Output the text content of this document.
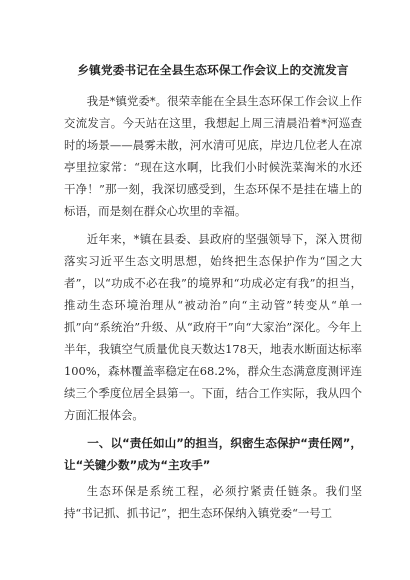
乡镇党委书记在全县生态环保工作会议上的交流发言

我是*镇党委*。很荣幸能在全县生态环保工作会议上作交流发言。今天站在这里，我想起上周三清晨沿着*河巡查时的场景——晨雾未散，河水清可见底，岸边几位老人在凉亭里拉家常：“现在这水啊，比我们小时候洗菜淘米的水还干净！”那一刻，我深切感受到，生态环保不是挂在墙上的标语，而是刻在群众心坎里的幸福。

近年来，*镇在县委、县政府的坚强领导下，深入贯彻落实习近平生态文明思想，始终把生态保护作为“国之大者”，以“功成不必在我”的境界和“功成必定有我”的担当，推动生态环境治理从“被动治”向“主动管”转变从“单一抓”向“系统治”升级、从“政府干”向“大家治”深化。今年上半年，我镇空气质量优良天数达178天，地表水断面达标率100%，森林覆盖率稳定在68.2%，群众生态满意度测评连续三个季度位居全县第一。下面，结合工作实际，我从四个方面汇报体会。

一、以“责任如山”的担当，织密生态保护“责任网”，让“关键少数”成为“主攻手”

生态环保是系统工程，必须拧紧责任链条。我们坚持“书记抓、抓书记”，把生态环保纳入镇党委“一号工
